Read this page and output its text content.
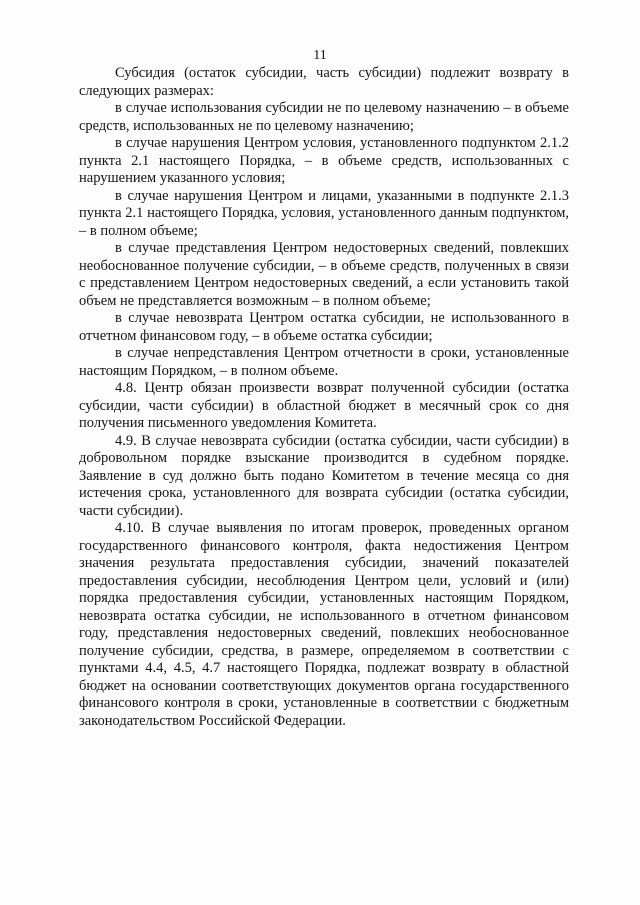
11

Субсидия (остаток субсидии, часть субсидии) подлежит возврату в следующих размерах:

в случае использования субсидии не по целевому назначению – в объеме средств, использованных не по целевому назначению;

в случае нарушения Центром условия, установленного подпунктом 2.1.2 пункта 2.1 настоящего Порядка, – в объеме средств, использованных с нарушением указанного условия;

в случае нарушения Центром и лицами, указанными в подпункте 2.1.3 пункта 2.1 настоящего Порядка, условия, установленного данным подпунктом, – в полном объеме;

в случае представления Центром недостоверных сведений, повлекших необоснованное получение субсидии, – в объеме средств, полученных в связи с представлением Центром недостоверных сведений, а если установить такой объем не представляется возможным – в полном объеме;

в случае невозврата Центром остатка субсидии, не использованного в отчетном финансовом году, – в объеме остатка субсидии;

в случае непредставления Центром отчетности в сроки, установленные настоящим Порядком, – в полном объеме.

4.8. Центр обязан произвести возврат полученной субсидии (остатка субсидии, части субсидии) в областной бюджет в месячный срок со дня получения письменного уведомления Комитета.

4.9. В случае невозврата субсидии (остатка субсидии, части субсидии) в добровольном порядке взыскание производится в судебном порядке. Заявление в суд должно быть подано Комитетом в течение месяца со дня истечения срока, установленного для возврата субсидии (остатка субсидии, части субсидии).

4.10. В случае выявления по итогам проверок, проведенных органом государственного финансового контроля, факта недостижения Центром значения результата предоставления субсидии, значений показателей предоставления субсидии, несоблюдения Центром цели, условий и (или) порядка предоставления субсидии, установленных настоящим Порядком, невозврата остатка субсидии, не использованного в отчетном финансовом году, представления недостоверных сведений, повлекших необоснованное получение субсидии, средства, в размере, определяемом в соответствии с пунктами 4.4, 4.5, 4.7 настоящего Порядка, подлежат возврату в областной бюджет на основании соответствующих документов органа государственного финансового контроля в сроки, установленные в соответствии с бюджетным законодательством Российской Федерации.
